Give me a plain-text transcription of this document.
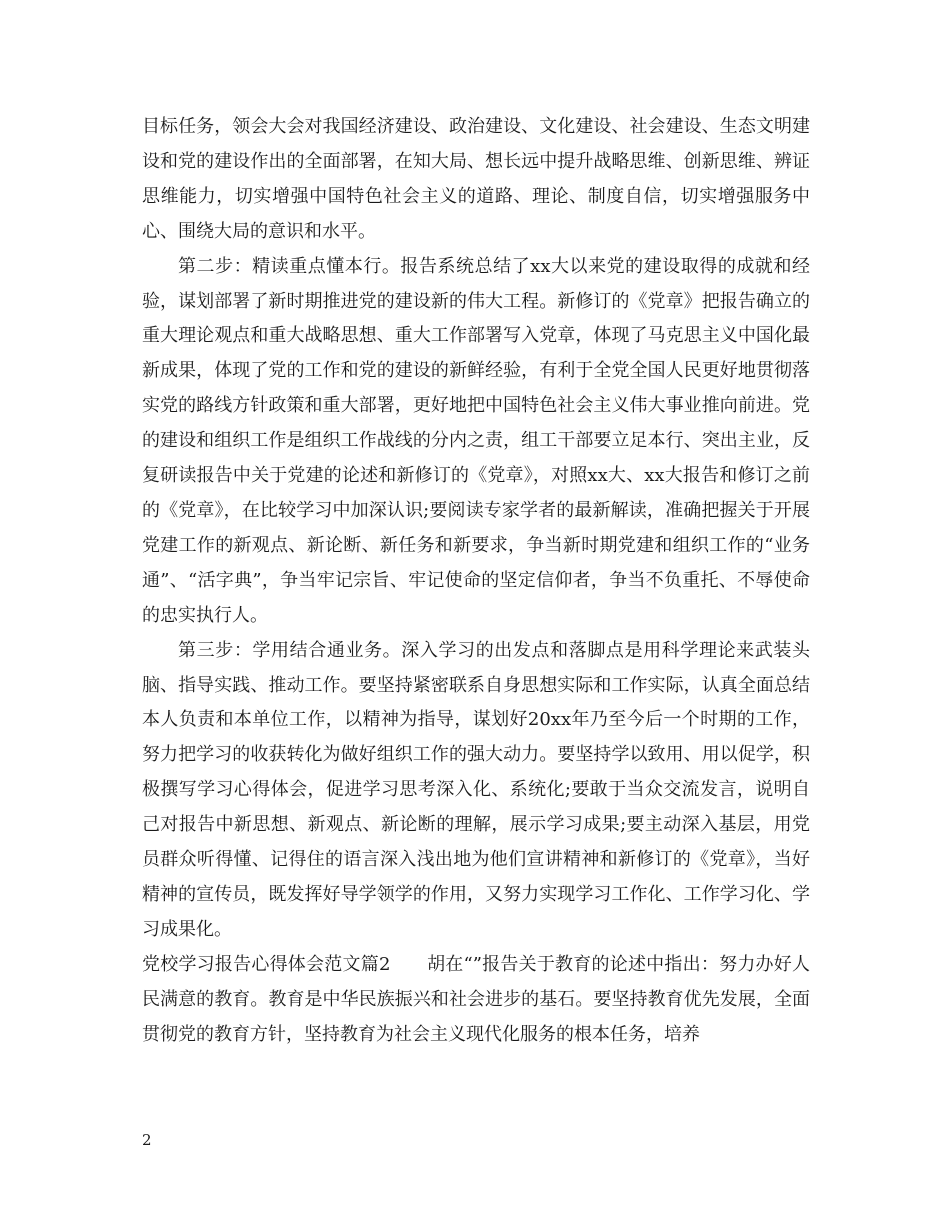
目标任务，领会大会对我国经济建设、政治建设、文化建设、社会建设、生态文明建设和党的建设作出的全面部署，在知大局、想长远中提升战略思维、创新思维、辨证思维能力，切实增强中国特色社会主义的道路、理论、制度自信，切实增强服务中心、围绕大局的意识和水平。

第二步：精读重点懂本行。报告系统总结了xx大以来党的建设取得的成就和经验，谋划部署了新时期推进党的建设新的伟大工程。新修订的《党章》把报告确立的重大理论观点和重大战略思想、重大工作部署写入党章，体现了马克思主义中国化最新成果，体现了党的工作和党的建设的新鲜经验，有利于全党全国人民更好地贯彻落实党的路线方针政策和重大部署，更好地把中国特色社会主义伟大事业推向前进。党的建设和组织工作是组织工作战线的分内之责，组工干部要立足本行、突出主业，反复研读报告中关于党建的论述和新修订的《党章》，对照xx大、xx大报告和修订之前的《党章》，在比较学习中加深认识;要阅读专家学者的最新解读，准确把握关于开展党建工作的新观点、新论断、新任务和新要求，争当新时期党建和组织工作的“业务通”、“活字典”，争当牢记宗旨、牢记使命的坚定信仰者，争当不负重托、不辱使命的忠实执行人。

第三步：学用结合通业务。深入学习的出发点和落脚点是用科学理论来武装头脑、指导实践、推动工作。要坚持紧密联系自身思想实际和工作实际，认真全面总结本人负责和本单位工作，以精神为指导，谋划好20xx年乃至今后一个时期的工作，努力把学习的收获转化为做好组织工作的强大动力。要坚持学以致用、用以促学，积极撰写学习心得体会，促进学习思考深入化、系统化;要敢于当众交流发言，说明自己对报告中新思想、新观点、新论断的理解，展示学习成果;要主动深入基层，用党员群众听得懂、记得住的语言深入浅出地为他们宣讲精神和新修订的《党章》，当好精神的宣传员，既发挥好导学领学的作用，又努力实现学习工作化、工作学习化、学习成果化。

党校学习报告心得体会范文篇2　　胡在“”报告关于教育的论述中指出：努力办好人民满意的教育。教育是中华民族振兴和社会进步的基石。要坚持教育优先发展，全面贯彻党的教育方针，坚持教育为社会主义现代化服务的根本任务，培养

2
